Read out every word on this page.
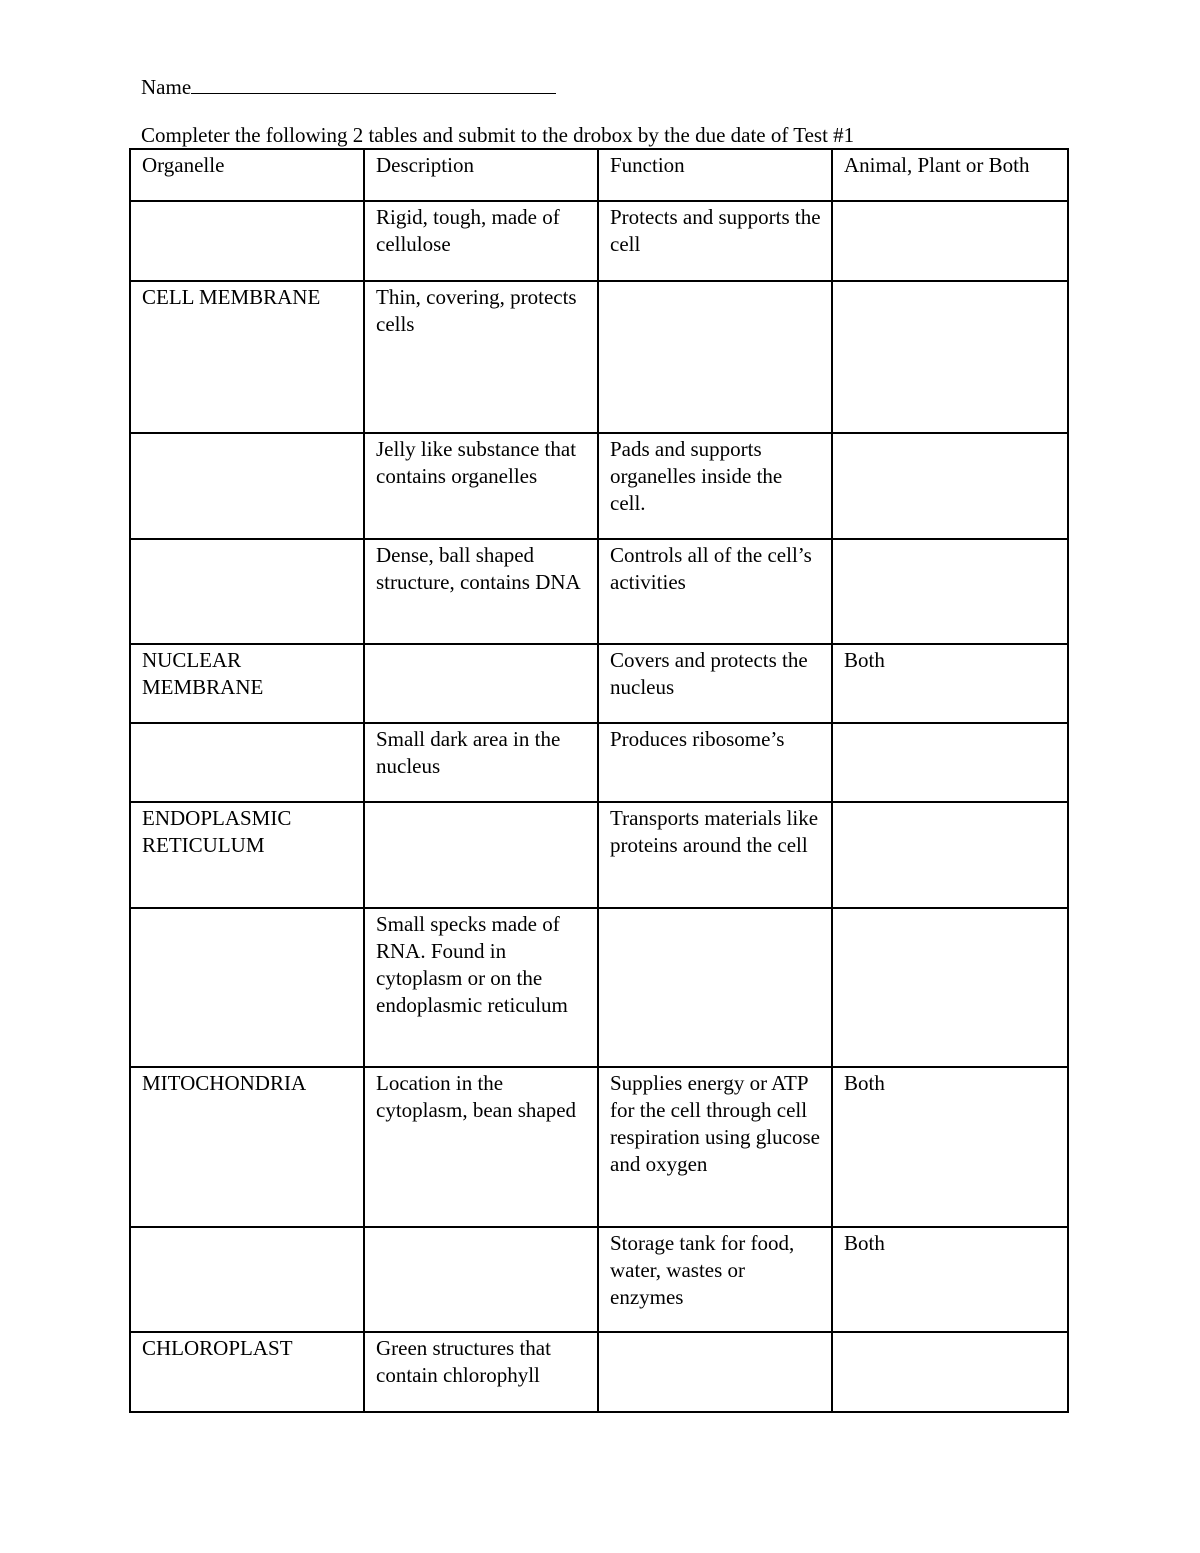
Name
Completer the following 2 tables and submit to the drobox by the due date of Test #1
Organelle	Description	Function	Animal, Plant or Both
	Rigid, tough, made of cellulose	Protects and supports the cell	
CELL MEMBRANE	Thin, covering, protects cells		
	Jelly like substance that contains organelles	Pads and supports organelles inside the cell.	
	Dense, ball shaped structure, contains DNA	Controls all of the cell’s activities	
NUCLEAR MEMBRANE		Covers and protects the nucleus	Both
	Small dark area in the nucleus	Produces ribosome’s	
ENDOPLASMIC RETICULUM		Transports materials like proteins around the cell	
	Small specks made of RNA. Found in cytoplasm or on the endoplasmic reticulum		
MITOCHONDRIA	Location in the cytoplasm, bean shaped	Supplies energy or ATP for the cell through cell respiration using glucose and oxygen	Both
		Storage tank for food, water, wastes or enzymes	Both
CHLOROPLAST	Green structures that contain chlorophyll		
